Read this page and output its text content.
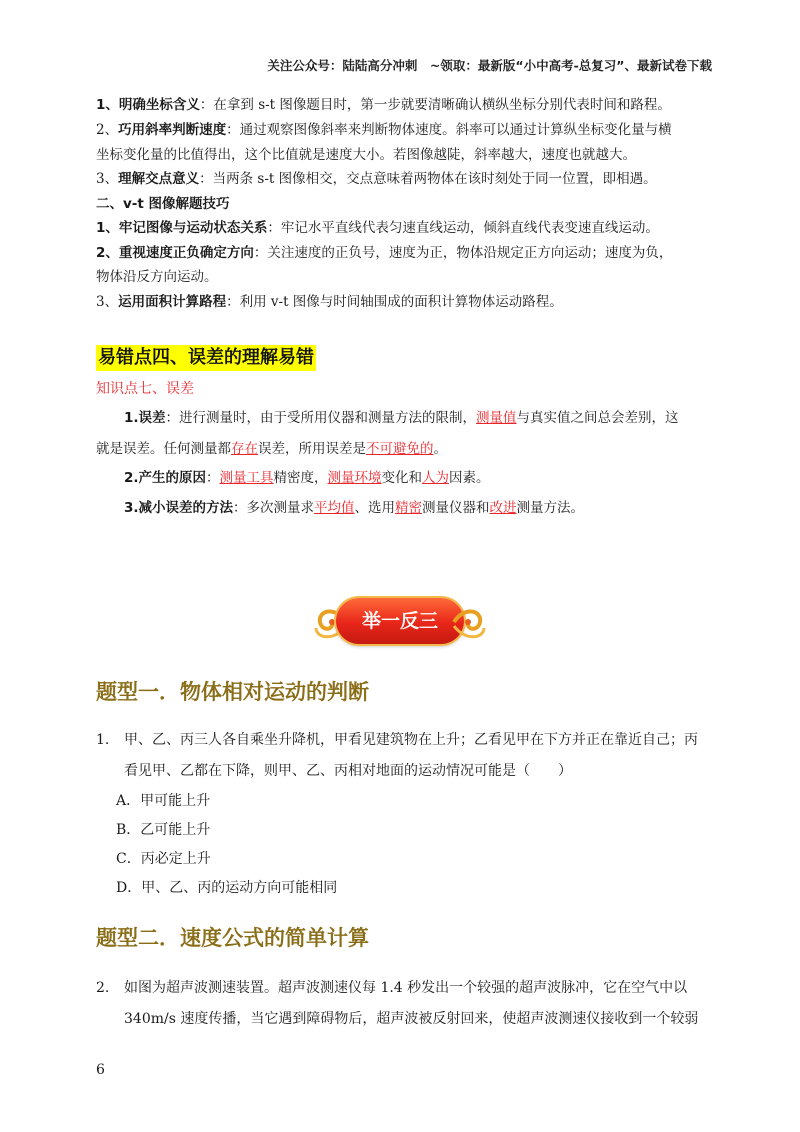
关注公众号：陆陆高分冲刺　~领取：最新版“小中高考-总复习”、最新试卷下载
1、明确坐标含义：在拿到 s-t 图像题目时，第一步就要清晰确认横纵坐标分别代表时间和路程。
2、巧用斜率判断速度：通过观察图像斜率来判断物体速度。斜率可以通过计算纵坐标变化量与横
坐标变化量的比值得出，这个比值就是速度大小。若图像越陡，斜率越大，速度也就越大。
3、理解交点意义：当两条 s-t 图像相交，交点意味着两物体在该时刻处于同一位置，即相遇。
二、v-t 图像解题技巧
1、牢记图像与运动状态关系：牢记水平直线代表匀速直线运动，倾斜直线代表变速直线运动。
2、重视速度正负确定方向：关注速度的正负号，速度为正，物体沿规定正方向运动；速度为负，
物体沿反方向运动。
3、运用面积计算路程：利用 v-t 图像与时间轴围成的面积计算物体运动路程。
易错点四、误差的理解易错
知识点七、误差
1.误差：进行测量时，由于受所用仪器和测量方法的限制，测量值与真实值之间总会差别，这
就是误差。任何测量都存在误差，所用误差是不可避免的。
2.产生的原因：测量工具精密度，测量环境变化和人为因素。
3.减小误差的方法：多次测量求平均值、选用精密测量仪器和改进测量方法。
举一反三
题型一．物体相对运动的判断
1. 甲、乙、丙三人各自乘坐升降机，甲看见建筑物在上升；乙看见甲在下方并正在靠近自己；丙
看见甲、乙都在下降，则甲、乙、丙相对地面的运动情况可能是（　　）
A．甲可能上升
B．乙可能上升
C．丙必定上升
D．甲、乙、丙的运动方向可能相同
题型二．速度公式的简单计算
2. 如图为超声波测速装置。超声波测速仪每 1.4 秒发出一个较强的超声波脉冲，它在空气中以
340m/s 速度传播，当它遇到障碍物后，超声波被反射回来，使超声波测速仪接收到一个较弱
6
